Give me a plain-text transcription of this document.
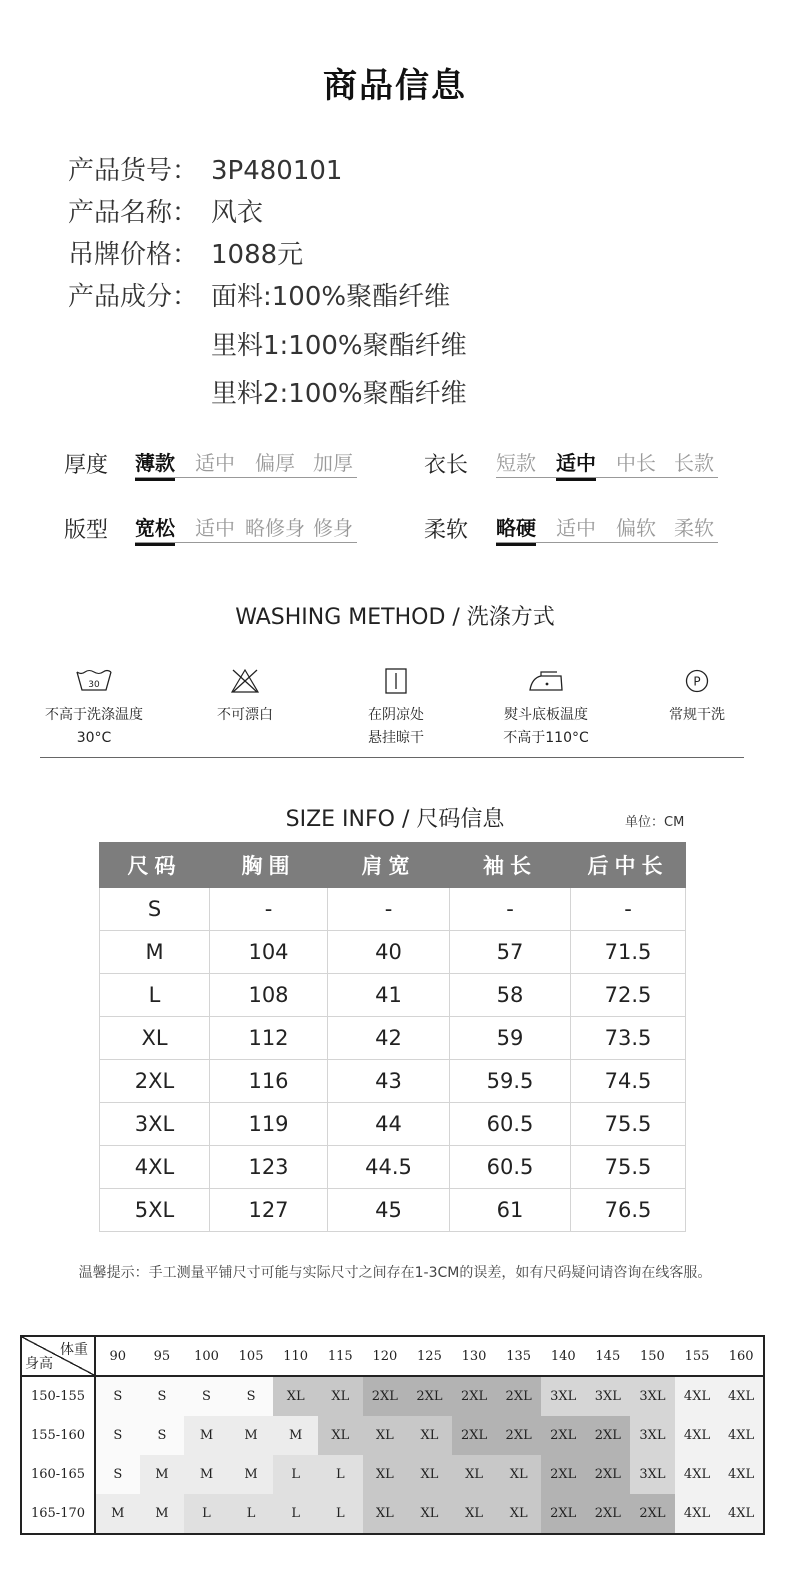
商品信息
产品货号： 3P480101
产品名称： 风衣
吊牌价格： 1088元
产品成分： 面料:100%聚酯纤维
里料1:100%聚酯纤维
里料2:100%聚酯纤维
厚度 薄款 适中 偏厚 加厚	衣长 短款 适中 中长 长款
版型 宽松 适中 略修身 修身	柔软 略硬 适中 偏软 柔软
WASHING METHOD / 洗涤方式
30
不高于洗涤温度
30°C
不可漂白	在阴凉处
悬挂晾干
熨斗底板温度
不高于110°C
P
常规干洗
SIZE INFO / 尺码信息	单位：CM
尺码	胸围	肩宽	袖长	后中长
S	-	-	-	-
M	104	40	57	71.5
L	108	41	58	72.5
XL	112	42	59	73.5
2XL	116	43	59.5	74.5
3XL	119	44	60.5	75.5
4XL	123	44.5	60.5	75.5
5XL	127	45	61	76.5
温馨提示：手工测量平铺尺寸可能与实际尺寸之间存在1-3CM的误差，如有尺码疑问请咨询在线客服。
体重
身高	90	95	100	105	110	115	120	125	130	135	140	145	150	155	160
150-155	S	S	S	S	XL	XL	2XL	2XL	2XL	2XL	3XL	3XL	3XL	4XL	4XL
155-160	S	S	M	M	M	XL	XL	XL	2XL	2XL	2XL	2XL	3XL	4XL	4XL
160-165	S	M	M	M	L	L	XL	XL	XL	XL	2XL	2XL	3XL	4XL	4XL
165-170	M	M	L	L	L	L	XL	XL	XL	XL	2XL	2XL	2XL	4XL	4XL
